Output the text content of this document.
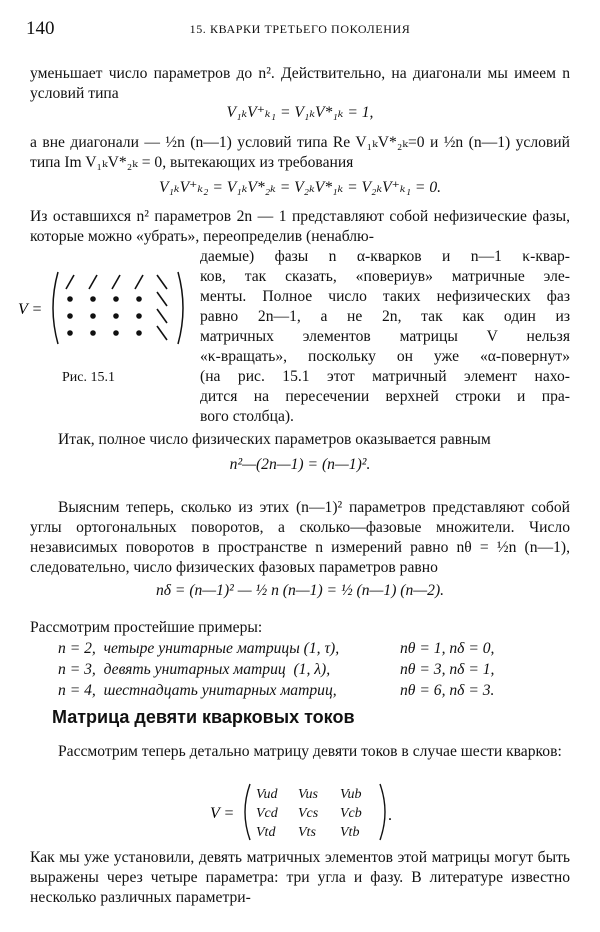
140	15. КВАРКИ ТРЕТЬЕГО ПОКОЛЕНИЯ
уменьшает число параметров до n². Действительно, на диагонали мы имеем n условий типа
V₁ₖV⁺ₖ₁ = V₁ₖV*₁ₖ = 1,
а вне диагонали — ½n (n—1) условий типа Re V₁ₖV*₂ₖ=0 и ½n (n—1) условий типа Im V₁ₖV*₂ₖ = 0, вытекающих из требования
V₁ₖV⁺ₖ₂ = V₁ₖV*₂ₖ = V₂ₖV*₁ₖ = V₂ₖV⁺ₖ₁ = 0.
Из оставшихся n² параметров 2n — 1 представляют собой нефизические фазы, которые можно «убрать», переопределив (ненаблю-
даемые) фазы n α-кварков и n—1 κ-квар-
ков, так сказать, «повериув» матричные эле-
менты. Полное число таких нефизических фаз
равно 2n—1, а не 2n, так как один из
матричных элементов матрицы V нельзя
«κ-вращать», поскольку он уже «α-повернут»
(на рис. 15.1 этот матричный элемент нахо-
дится на пересечении верхней строки и пра-
вого столбца).
V =
Рис. 15.1
Итак, полное число физических параметров оказывается равным
n²—(2n—1) = (n—1)².
Выясним теперь, сколько из этих (n—1)² параметров представляют собой углы ортогональных поворотов, а сколько—фазовые множители. Число независимых поворотов в пространстве n измерений равно nθ = ½n (n—1), следовательно, число физических фазовых параметров равно
nδ = (n—1)² — ½ n (n—1) = ½ (n—1) (n—2).
Рассмотрим простейшие примеры:
n = 2,  четыре унитарные матрицы (1, τ),	nθ = 1, nδ = 0,
n = 3,  девять унитарных матриц  (1, λ),	nθ = 3, nδ = 1,
n = 4,  шестнадцать унитарных матриц,	nθ = 6, nδ = 3.
Матрица девяти кварковых токов
Рассмотрим теперь детально матрицу девяти токов в случае шести кварков:
V =
Vud Vus Vub
Vcd Vcs Vcb
Vtd Vts Vtb
.
Как мы уже установили, девять матричных элементов этой матрицы могут быть выражены через четыре параметра: три угла и фазу. В литературе известно несколько различных параметри-
